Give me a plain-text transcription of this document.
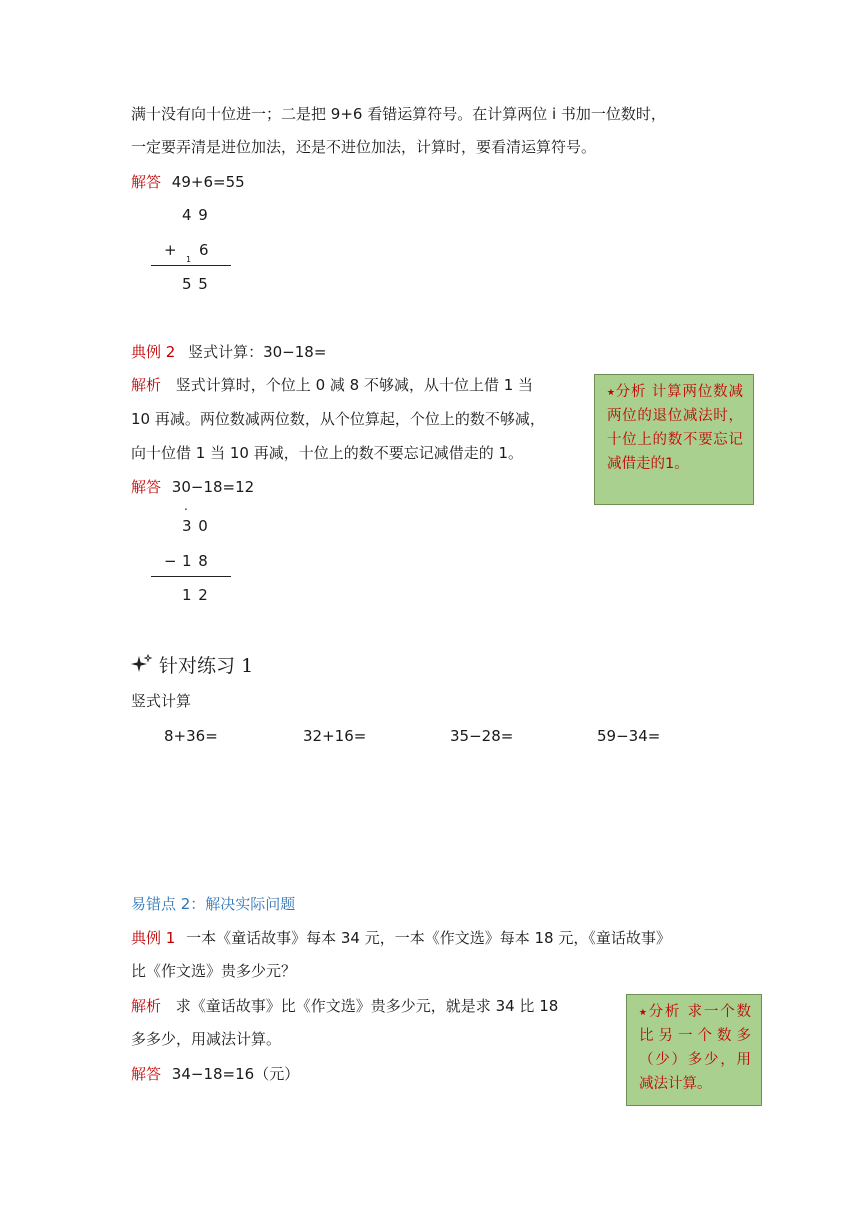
满十没有向十位进一；二是把 9+6 看错运算符号。在计算两位 i 书加一位数时，
一定要弄清是进位加法，还是不进位加法，计算时，要看清运算符号。
解答 49+6=55
4 9
+
1
6
5 5
典例 2 竖式计算：30−18=
解析 竖式计算时，个位上 0 减 8 不够减，从十位上借 1 当
10 再减。两位数减两位数，从个位算起，个位上的数不够减，
向十位借 1 当 10 再减，十位上的数不要忘记减借走的 1。
解答 30−18=12
.
3 0
− 1 8
1 2
⭑分析 计算两位数减两位的退位减法时，十位上的数不要忘记减借走的1。
针对练习 1
竖式计算
8+36=	32+16=	35−28=	59−34=
易错点 2：解决实际问题
典例 1 一本《童话故事》每本 34 元，一本《作文选》每本 18 元，《童话故事》
比《作文选》贵多少元？
解析 求《童话故事》比《作文选》贵多少元，就是求 34 比 18
多多少，用减法计算。
解答 34−18=16（元）
⭑分析 求一个数比另一个数多（少）多少，用减法计算。
